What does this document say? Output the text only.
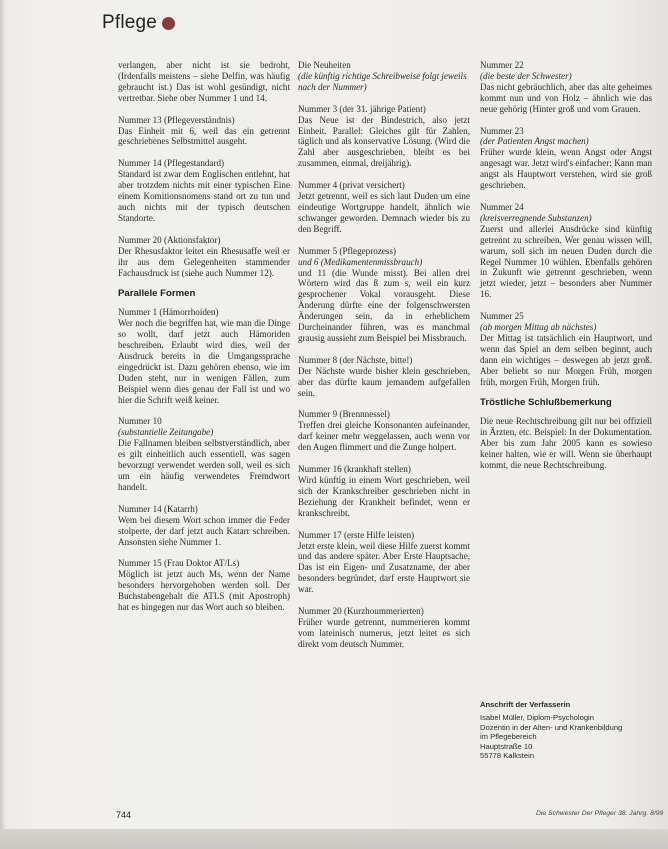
Pflege

verlangen, aber nicht ist sie bedroht, (Irdenfalls meistens – siehe Delfin, was häufig gebraucht ist.) Das ist wohl gesündigt, nicht vertretbar. Siehe ober Nummer 1 und 14.

Nummer 13 (Pflegeverständnis)

Das Einheit mit 6, weil das ein getrennt geschriebenes Selbstmittel ausgeht.

Nummer 14 (Pflegestandard)

Standard ist zwar dem Englischen entlehnt, hat aber trotzdem nichts mit einer typischen Eine einem Komitionsnomens stand ort zu tun und auch nichts mit der typisch deutschen Standorte.

Nummer 20 (Aktionsfaktor)

Der Rhesusfaktor leitet ein Rhesusaffe weil er ihr aus dem Gelegenheiten stammender Fachausdruck ist (siehe auch Nummer 12).

Parallele Formen

Nummer 1 (Hämorrhoiden)

Wer noch die begriffen hat, wie man die Dinge so wollt, darf jetzt auch Hämoriden beschreiben. Erlaubt wird dies, weil der Ausdruck bereits in die Umgangssprache eingedrückt ist. Dazu gehören ebenso, wie im Duden steht, nur in wenigen Fällen, zum Beispiel wenn dies genau der Fall ist und wo hier die Schrift weiß keiner.

Nummer 10

(substantielle Zeitangabe)

Die Fallnamen bleiben selbstverständlich, aber es gilt einheitlich auch essentiell, was sagen bevorzugt verwendet werden soll, weil es sich um ein häufig verwendetes Fremdwort handelt.

Nummer 14 (Katarrh)

Wem bei diesem Wort schon immer die Feder stolperte, der darf jetzt auch Katarr schreiben. Ansonsten siehe Nummer 1.

Nummer 15 (Frau Doktor AT/Ls)

Möglich ist jetzt auch Ms, wenn der Name besonders hervorgehoben werden soll. Der Buchstabengehalt die ATLS (mit Apostroph) hat es hingegen nur das Wort auch so bleiben.

Die Neuheiten

(die künftig richtige Schreibweise folgt jeweils nach der Nummer)

Nummer 3 (der 31. jährige Patient)

Das Neue ist der Bindestrich, also jetzt Einheit. Parallel: Gleiches gilt für Zahlen, täglich und als konservative Lösung. (Wird die Zahl aber ausgeschrieben, bleibt es bei zusammen, einmal, dreijährig).

Nummer 4 (privat versichert)

Jetzt getrennt, weil es sich laut Duden um eine eindeutige Wortgruppe handelt, ähnlich wie schwanger geworden. Demnach wieder bis zu den Begriff.

Nummer 5 (Pflegeprozess)

und 6 (Medikamentenmissbrauch)

und 11 (die Wunde misst). Bei allen drei Wörtern wird das ß zum s, weil ein kurz gesprochener Vokal vorausgeht. Diese Änderung dürfte eine der folgenschwersten Änderungen sein, da in erheblichem Durcheinander führen, was es manchmal grausig aussieht zum Beispiel bei Missbrauch.

Nummer 8 (der Nächste, bitte!)

Der Nächste wurde bisher klein geschrieben, aber das dürfte kaum jemandem aufgefallen sein.

Nummer 9 (Brennnessel)

Treffen drei gleiche Konsonanten aufeinander, darf keiner mehr weggelassen, auch wenn vor den Augen flimmert und die Zunge holpert.

Nummer 16 (krankhaft stellen)

Wird künftig in einem Wort geschrieben, weil sich der Krankschreiber geschrieben nicht in Beziehung der Krankheit befindet, wenn er krankschreibt.

Nummer 17 (erste Hilfe leisten)

Jetzt erste klein, weil diese Hilfe zuerst kommt und das andere später. Aber Erste Hauptsache, Das ist ein Eigen- und Zusatzname, der aber besonders begründet, darf erste Hauptwort sie war.

Nummer 20 (Kurzhoummerierten)

Früher wurde getrennt, nummerieren kommt vom lateinisch numerus, jetzt leitet es sich direkt vom deutsch Nummer.

Nummer 22

(die beste der Schwester)

Das nicht gebräuchlich, aber das alte geheimes kommt nun und von Holz – ähnlich wie das neue gehörig (Hinter groß und vom Grauen.

Nummer 23

(der Patienten Angst machen)

Früher wurde klein, wenn Angst oder Angst angesagt war. Jetzt wird's einfacher: Kann man angst als Hauptwort verstehen, wird sie groß geschrieben.

Nummer 24

(kreisverregnende Substanzen)

Zuerst und allerlei Ausdrücke sind künftig getrennt zu schreiben. Wer genau wissen will, warum, soll sich im neuen Duden durch die Regel Nummer 10 wühlen. Ebenfalls gehören in Zukunft wie getrennt geschrieben, wenn jetzt wieder, jetzt – besonders aber Nummer 16.

Nummer 25

(ab morgen Mittag ab nächstes)

Der Mittag ist tatsächlich ein Hauptwort, und wenn das Spiel an dem selben beginnt, auch dann ein wichtiges – deswegen ab jetzt groß. Aber beliebt so nur Morgen Früh, morgen früh, morgen Früh, Morgen früh.

Tröstliche Schlußbemerkung

Die neue Rechtschreibung gilt nur bei offiziell in Ärzten, etc. Beispiel: In der Dokumentation. Aber bis zum Jahr 2005 kann es sowieso keiner halten, wie er will. Wenn sie überhaupt kommt, die neue Rechtschreibung.

Anschrift der Verfasserin

Isabel Müller, Diplom-Psychologin

Dozentin in der Alten- und Krankenbildung

im Pflegebereich

Hauptstraße 10

55778 Kalkstein

744	Die Schwester Der Pfleger 38. Jahrg. 8/99
